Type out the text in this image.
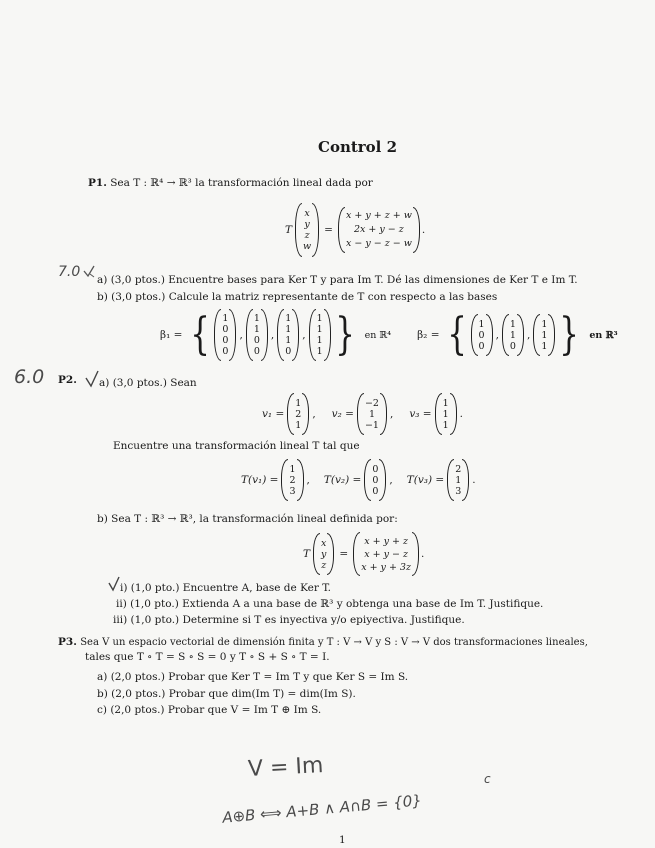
Control 2
P1. Sea T : ℝ⁴ → ℝ³ la transformación lineal dada por
T
x
y
z
w
=
x + y + z + w
2x + y − z
x − y − z − w
.
7.0 a) (3,0 ptos.) Encuentre bases para Ker T y para Im T. Dé las dimensiones de Ker T e Im T.
b) (3,0 ptos.) Calcule la matriz representante de T con respecto a las bases
β₁ = { 1
0
0
0
,
1
1
0
0
,
1
1
1
0
,
1
1
1
1 } en ℝ⁴ β₂ = { 1
0
0
,
1
1
0
,
1
1
1 } en ℝ³
6.0 P2. a) (3,0 ptos.) Sean
v₁ =
1
2
1
, v₂ =
−2
1
−1
, v₃ =
1
1
1
.
Encuentre una transformación lineal T tal que
T(v₁) =
1
2
3
, T(v₂) =
0
0
0
, T(v₃) =
2
1
3
.
b) Sea T : ℝ³ → ℝ³, la transformación lineal definida por:
T
x
y
z
=
x + y + z
x + y − z
x + y + 3z
.
i) (1,0 pto.) Encuentre A, base de Ker T.
ii) (1,0 pto.) Extienda A a una base de ℝ³ y obtenga una base de Im T. Justifique.
iii) (1,0 pto.) Determine si T es inyectiva y/o epiyectiva. Justifique.
P3. Sea V un espacio vectorial de dimensión finita y T : V → V y S : V → V dos transformaciones lineales,
tales que T ∘ T = S ∘ S = 0 y T ∘ S + S ∘ T = I.
a) (2,0 ptos.) Probar que Ker T = Im T y que Ker S = Im S.
b) (2,0 ptos.) Probar que dim(Im T) = dim(Im S).
c) (2,0 ptos.) Probar que V = Im T ⊕ Im S.
V = Im	c
A⊕B ⟺ A+B ∧ A∩B = {0}
1
